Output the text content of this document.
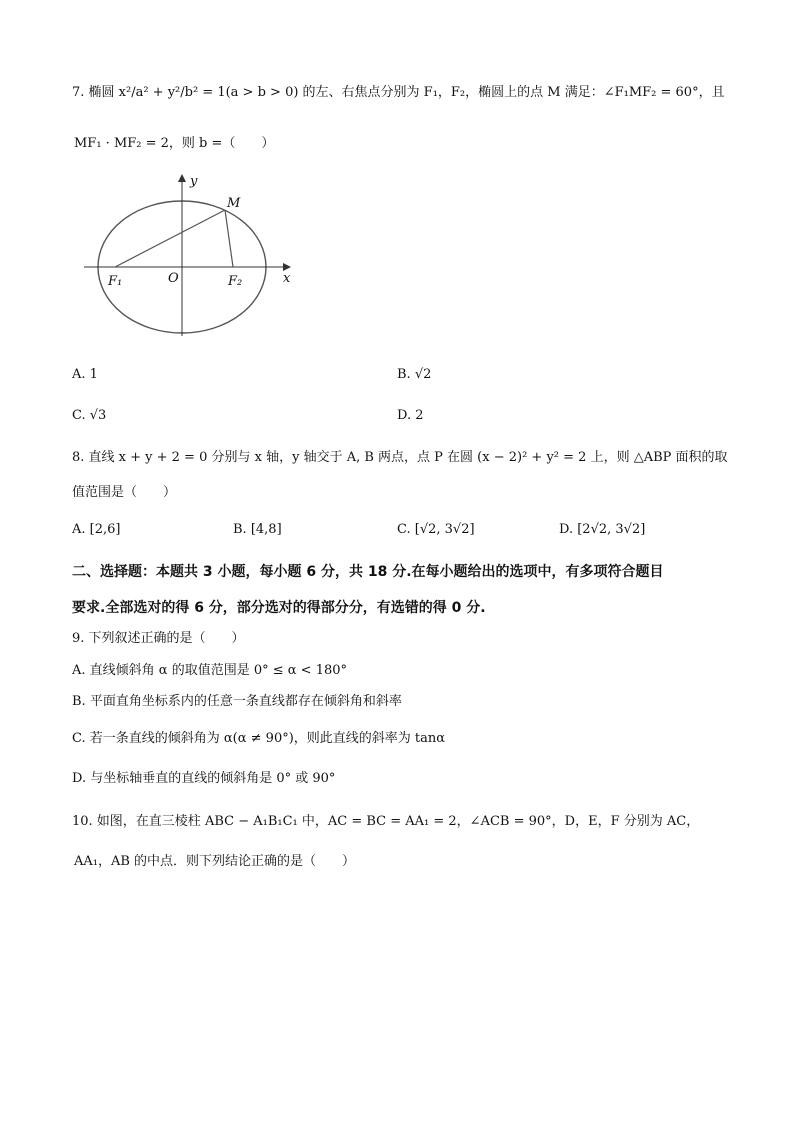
7. 椭圆 x²/a² + y²/b² = 1(a > b > 0) 的左、右焦点分别为 F₁，F₂，椭圆上的点 M 满足：∠F₁MF₂ = 60°，且
MF₁ · MF₂ = 2，则 b =（　　）
y
x
O
M
F₁	F₂
A. 1	B. √2
C. √3	D. 2
8. 直线 x + y + 2 = 0 分别与 x 轴，y 轴交于 A, B 两点，点 P 在圆 (x − 2)² + y² = 2 上，则 △ABP 面积的取
值范围是（　　）
A. [2,6]	B. [4,8]	C. [√2, 3√2]	D. [2√2, 3√2]
二、选择题：本题共 3 小题，每小题 6 分，共 18 分.在每小题给出的选项中，有多项符合题目
要求.全部选对的得 6 分，部分选对的得部分分，有选错的得 0 分.
9. 下列叙述正确的是（　　）
A. 直线倾斜角 α 的取值范围是 0° ≤ α < 180°
B. 平面直角坐标系内的任意一条直线都存在倾斜角和斜率
C. 若一条直线的倾斜角为 α(α ≠ 90°)，则此直线的斜率为 tanα
D. 与坐标轴垂直的直线的倾斜角是 0° 或 90°
10. 如图，在直三棱柱 ABC − A₁B₁C₁ 中，AC = BC = AA₁ = 2，∠ACB = 90°，D，E，F 分别为 AC，
AA₁，AB 的中点．则下列结论正确的是（　　）
